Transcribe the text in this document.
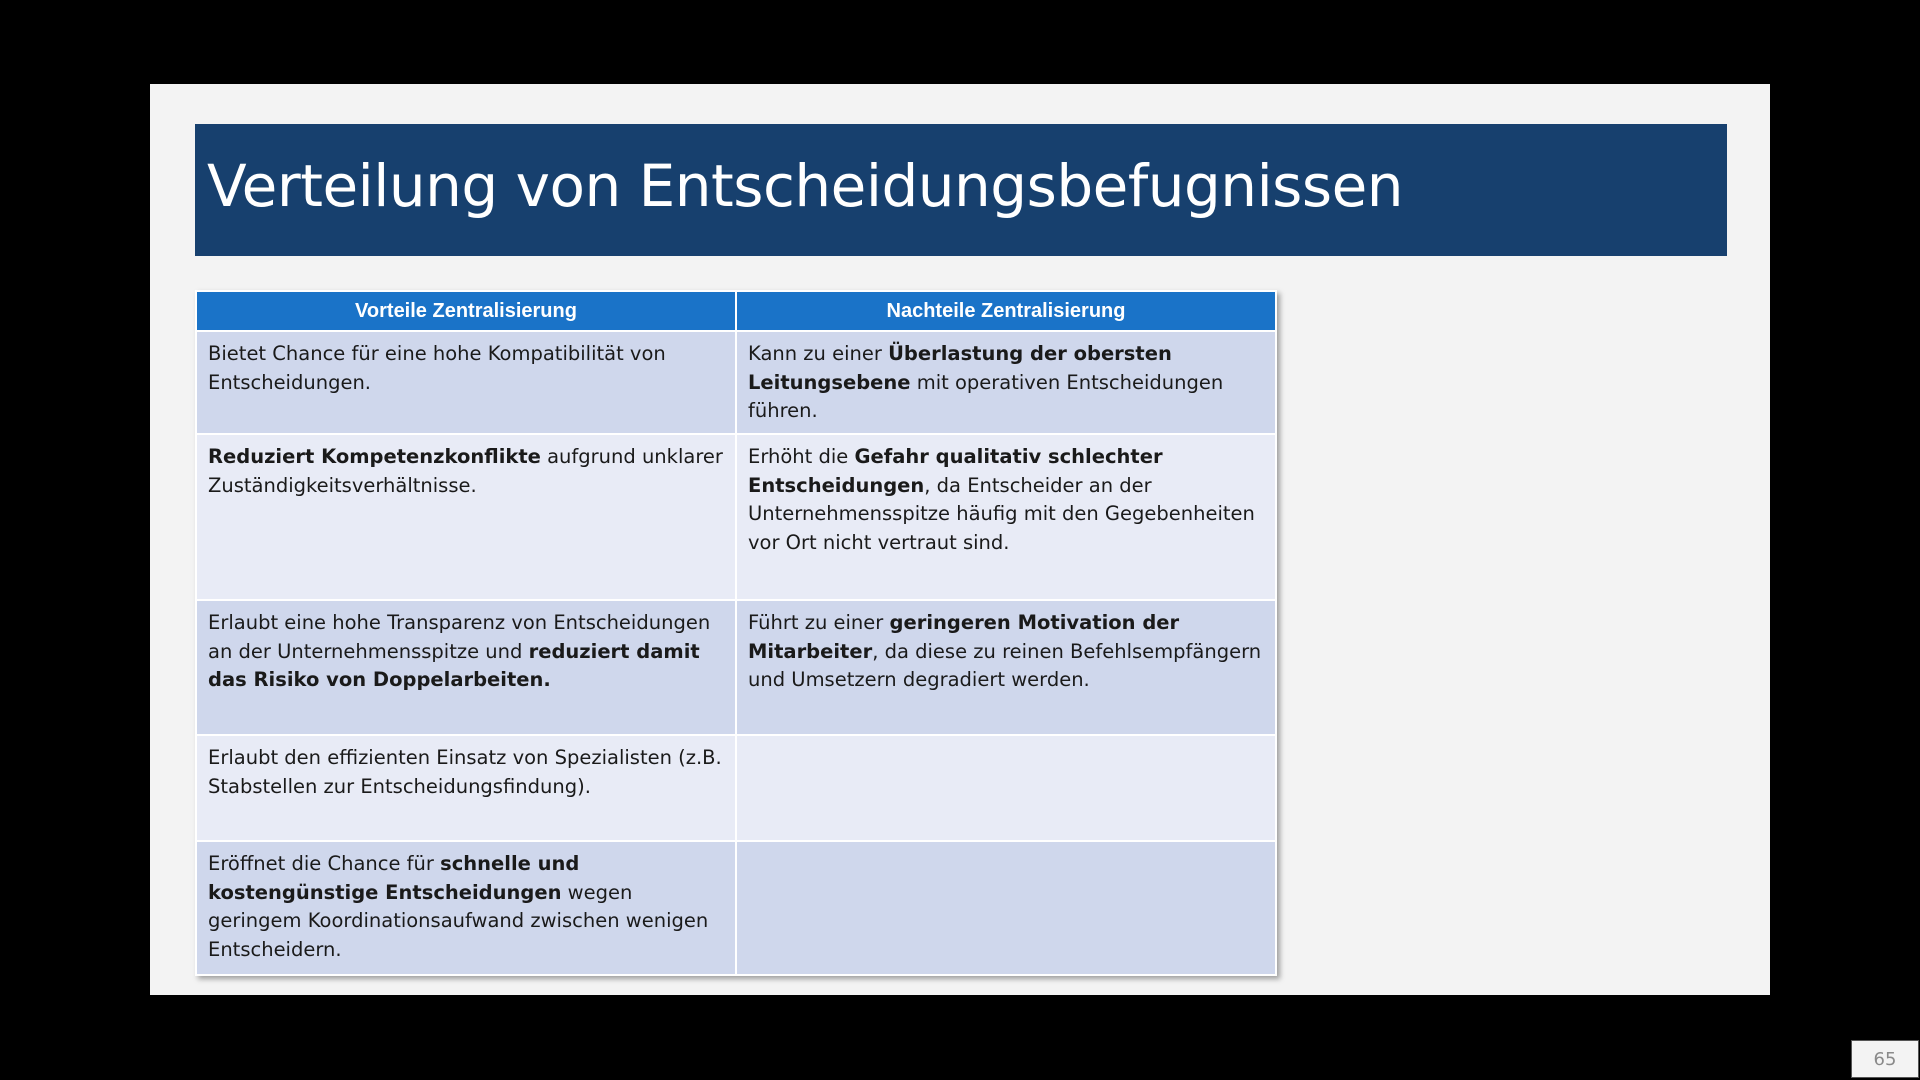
Verteilung von Entscheidungsbefugnissen
Vorteile Zentralisierung	Nachteile Zentralisierung
Bietet Chance für eine hohe Kompatibilität von Entscheidungen.	Kann zu einer Überlastung der obersten Leitungsebene mit operativen Entscheidungen führen.
Reduziert Kompetenzkonflikte aufgrund unklarer Zuständigkeitsverhältnisse.	Erhöht die Gefahr qualitativ schlechter Entscheidungen, da Entscheider an der Unternehmensspitze häufig mit den Gegebenheiten vor Ort nicht vertraut sind.
Erlaubt eine hohe Transparenz von Entscheidungen an der Unternehmensspitze und reduziert damit das Risiko von Doppelarbeiten.	Führt zu einer geringeren Motivation der Mitarbeiter, da diese zu reinen Befehlsempfängern und Umsetzern degradiert werden.
Erlaubt den effizienten Einsatz von Spezialisten (z.B. Stabstellen zur Entscheidungsfindung).	
Eröffnet die Chance für schnelle und kostengünstige Entscheidungen wegen geringem Koordinationsaufwand zwischen wenigen Entscheidern.	
65
